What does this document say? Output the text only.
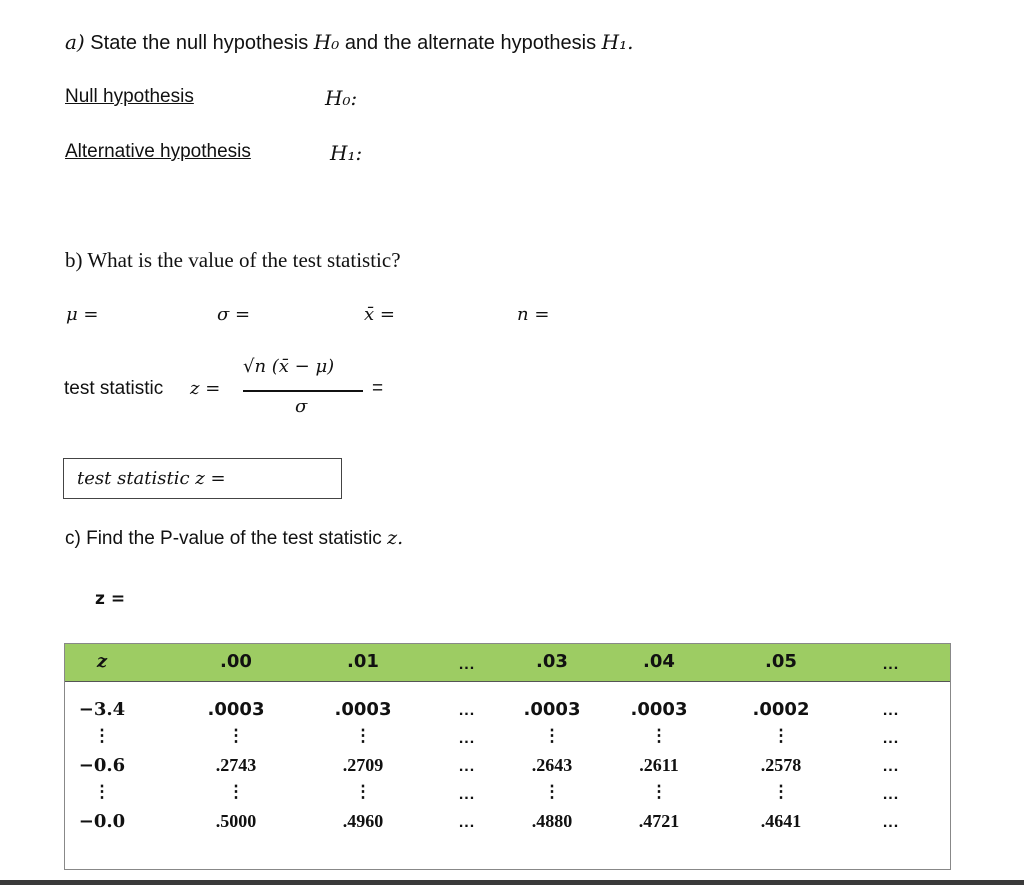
a) State the null hypothesis H₀ and the alternate hypothesis H₁.
Null hypothesis	H₀:
Alternative hypothesis	H₁:
b) What is the value of the test statistic?
μ =	σ =	x̄ =	n =
test statistic z =
√n (x̄ − μ)
σ
=
test statistic z =
c) Find the P-value of the test statistic z.
z =
z	.00	.01	...	.03	.04	.05	...
−3.4	.0003	.0003	...	.0003	.0003	.0002	...
⋮	⋮	⋮	...	⋮	⋮	⋮	...
−0.6	.2743	.2709	...	.2643	.2611	.2578	...
⋮	⋮	⋮	...	⋮	⋮	⋮	...
−0.0	.5000	.4960	...	.4880	.4721	.4641	...
